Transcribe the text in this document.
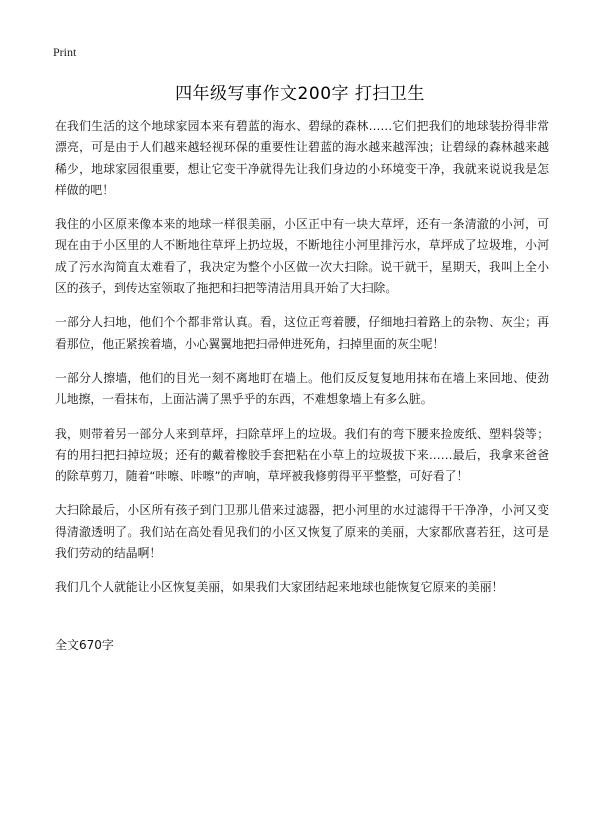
Print
四年级写事作文200字 打扫卫生

在我们生活的这个地球家园本来有碧蓝的海水、碧绿的森林……它们把我们的地球装扮得非常漂亮，可是由于人们越来越轻视环保的重要性让碧蓝的海水越来越浑浊；让碧绿的森林越来越稀少，地球家园很重要，想让它变干净就得先让我们身边的小环境变干净，我就来说说我是怎样做的吧！

我住的小区原来像本来的地球一样很美丽，小区正中有一块大草坪，还有一条清澈的小河，可现在由于小区里的人不断地往草坪上扔垃圾，不断地往小河里排污水，草坪成了垃圾堆，小河成了污水沟简直太难看了，我决定为整个小区做一次大扫除。说干就干，星期天，我叫上全小区的孩子，到传达室领取了拖把和扫把等清洁用具开始了大扫除。

一部分人扫地，他们个个都非常认真。看，这位正弯着腰，仔细地扫着路上的杂物、灰尘；再看那位，他正紧挨着墙，小心翼翼地把扫帚伸进死角，扫掉里面的灰尘呢！

一部分人擦墙，他们的目光一刻不离地盯在墙上。他们反反复复地用抹布在墙上来回地、使劲儿地擦，一看抹布，上面沾满了黑乎乎的东西，不难想象墙上有多么脏。

我，则带着另一部分人来到草坪，扫除草坪上的垃圾。我们有的弯下腰来捡废纸、塑料袋等；有的用扫把扫掉垃圾；还有的戴着橡胶手套把粘在小草上的垃圾拔下来……最后，我拿来爸爸的除草剪刀，随着“咔嚓、咔嚓”的声响，草坪被我修剪得平平整整，可好看了！

大扫除最后，小区所有孩子到门卫那儿借来过滤器，把小河里的水过滤得干干净净，小河又变得清澈透明了。我们站在高处看见我们的小区又恢复了原来的美丽，大家都欣喜若狂，这可是我们劳动的结晶啊！

我们几个人就能让小区恢复美丽，如果我们大家团结起来地球也能恢复它原来的美丽！

全文670字
